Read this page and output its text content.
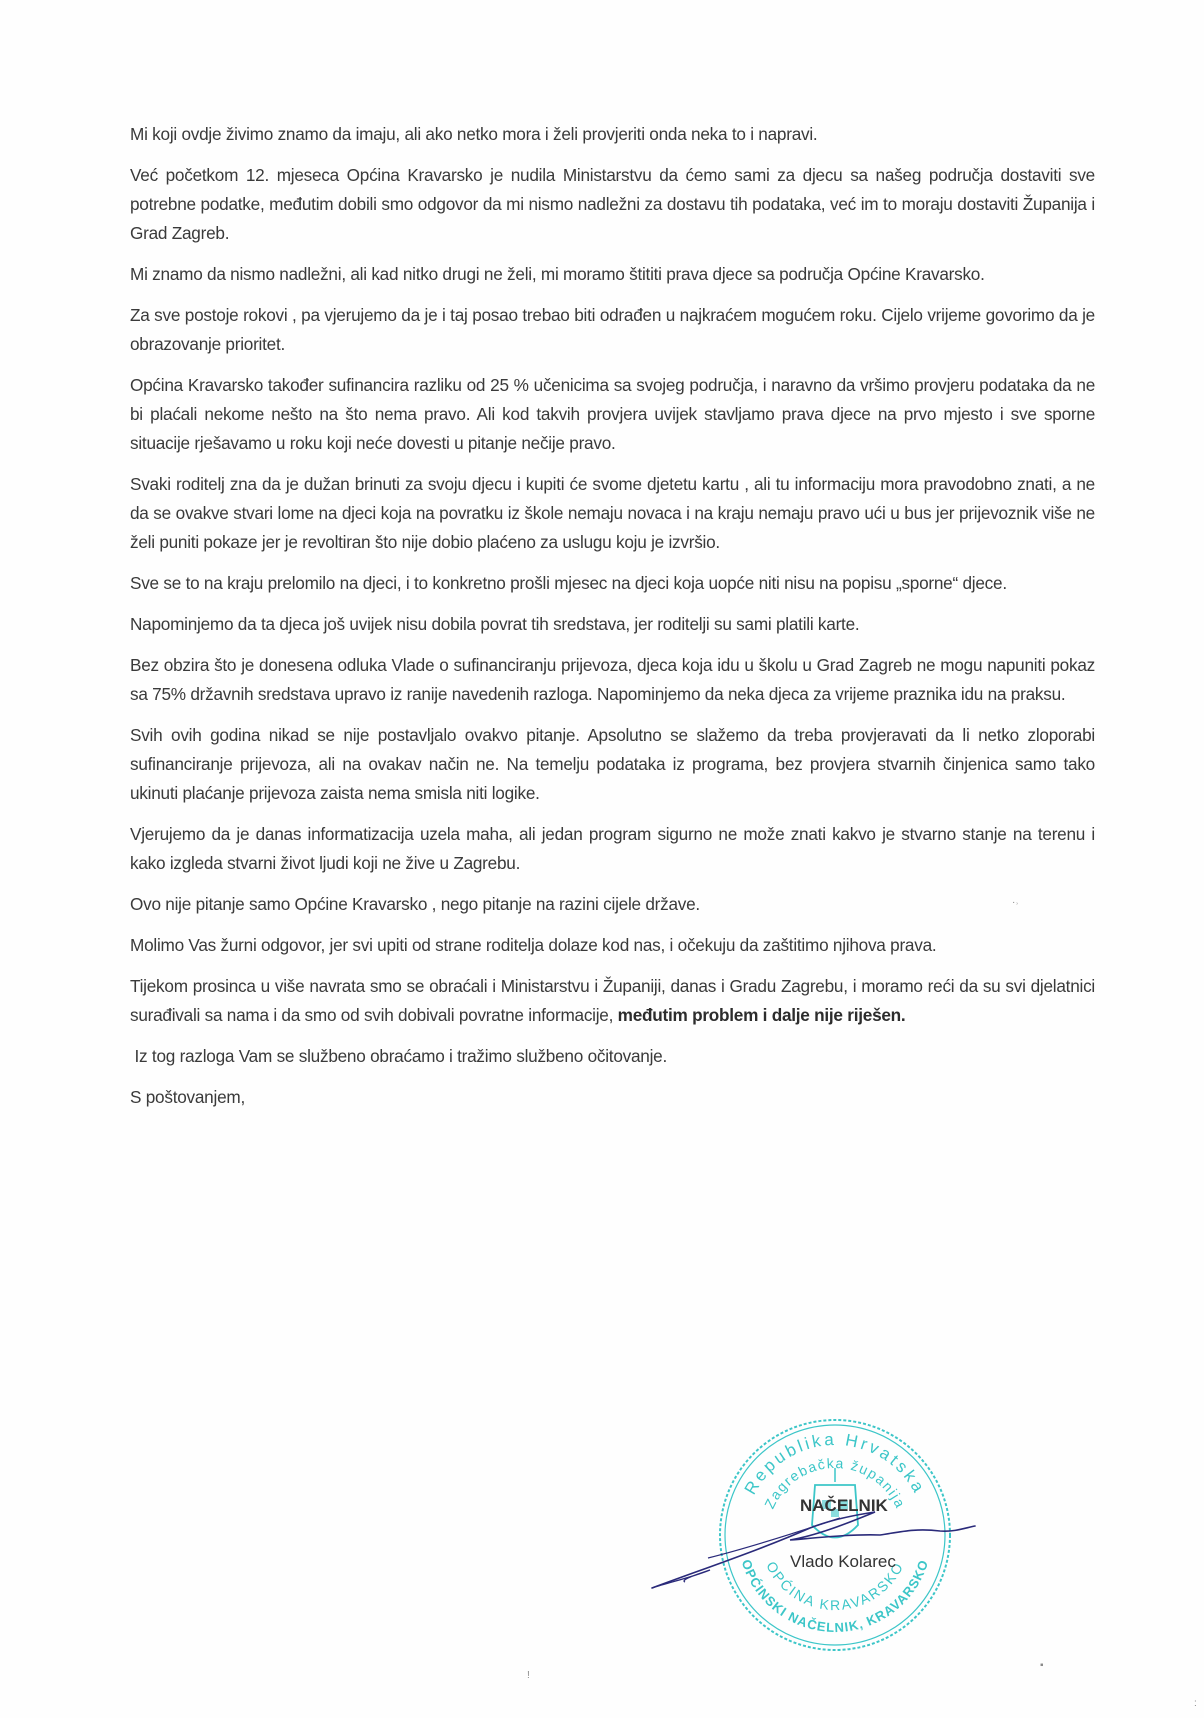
Mi koji ovdje živimo znamo da imaju, ali ako netko mora i želi provjeriti onda neka to i napravi.

Već početkom 12. mjeseca Općina Kravarsko je nudila Ministarstvu da ćemo sami za djecu sa našeg područja dostaviti sve potrebne podatke, međutim dobili smo odgovor da mi nismo nadležni za dostavu tih podataka, već im to moraju dostaviti Županija i Grad Zagreb.

Mi znamo da nismo nadležni, ali kad nitko drugi ne želi, mi moramo štititi prava djece sa područja Općine Kravarsko.

Za sve postoje rokovi , pa vjerujemo da je i taj posao trebao biti odrađen u najkraćem mogućem roku. Cijelo vrijeme govorimo da je obrazovanje prioritet.

Općina Kravarsko također sufinancira razliku od 25 % učenicima sa svojeg područja, i naravno da vršimo provjeru podataka da ne bi plaćali nekome nešto na što nema pravo. Ali kod takvih provjera uvijek stavljamo prava djece na prvo mjesto i sve sporne situacije rješavamo u roku koji neće dovesti u pitanje nečije pravo.

Svaki roditelj zna da je dužan brinuti za svoju djecu i kupiti će svome djetetu kartu , ali tu informaciju mora pravodobno znati, a ne da se ovakve stvari lome na djeci koja na povratku iz škole nemaju novaca i na kraju nemaju pravo ući u bus jer prijevoznik više ne želi puniti pokaze jer je revoltiran što nije dobio plaćeno za uslugu koju je izvršio.

Sve se to na kraju prelomilo na djeci, i to konkretno prošli mjesec na djeci koja uopće niti nisu na popisu „sporne“ djece.

Napominjemo da ta djeca još uvijek nisu dobila povrat tih sredstava, jer roditelji su sami platili karte.

Bez obzira što je donesena odluka Vlade o sufinanciranju prijevoza, djeca koja idu u školu u Grad Zagreb ne mogu napuniti pokaz sa 75% državnih sredstava upravo iz ranije navedenih razloga. Napominjemo da neka djeca za vrijeme praznika idu na praksu.

Svih ovih godina nikad se nije postavljalo ovakvo pitanje. Apsolutno se slažemo da treba provjeravati da li netko zloporabi sufinanciranje prijevoza, ali na ovakav način ne. Na temelju podataka iz programa, bez provjera stvarnih činjenica samo tako ukinuti plaćanje prijevoza zaista nema smisla niti logike.

Vjerujemo da je danas informatizacija uzela maha, ali jedan program sigurno ne može znati kakvo je stvarno stanje na terenu i kako izgleda stvarni život ljudi koji ne žive u Zagrebu.

Ovo nije pitanje samo Općine Kravarsko , nego pitanje na razini cijele države.

Molimo Vas žurni odgovor, jer svi upiti od strane roditelja dolaze kod nas, i očekuju da zaštitimo njihova prava.

Tijekom prosinca u više navrata smo se obraćali i Ministarstvu i Županiji, danas i Gradu Zagrebu, i moramo reći da su svi djelatnici surađivali sa nama i da smo od svih dobivali povratne informacije, međutim problem i dalje nije riješen.

Iz tog razloga Vam se službeno obraćamo i tražimo službeno očitovanje.

S poštovanjem,

Republika Hrvatska
Zagrebačka županija
OPĆINA KRAVARSKO
OPĆINSKI NAČELNIK, KRAVARSKO
NAČELNIK
Vlado Kolarec
·˒
ǃ
▪
:
